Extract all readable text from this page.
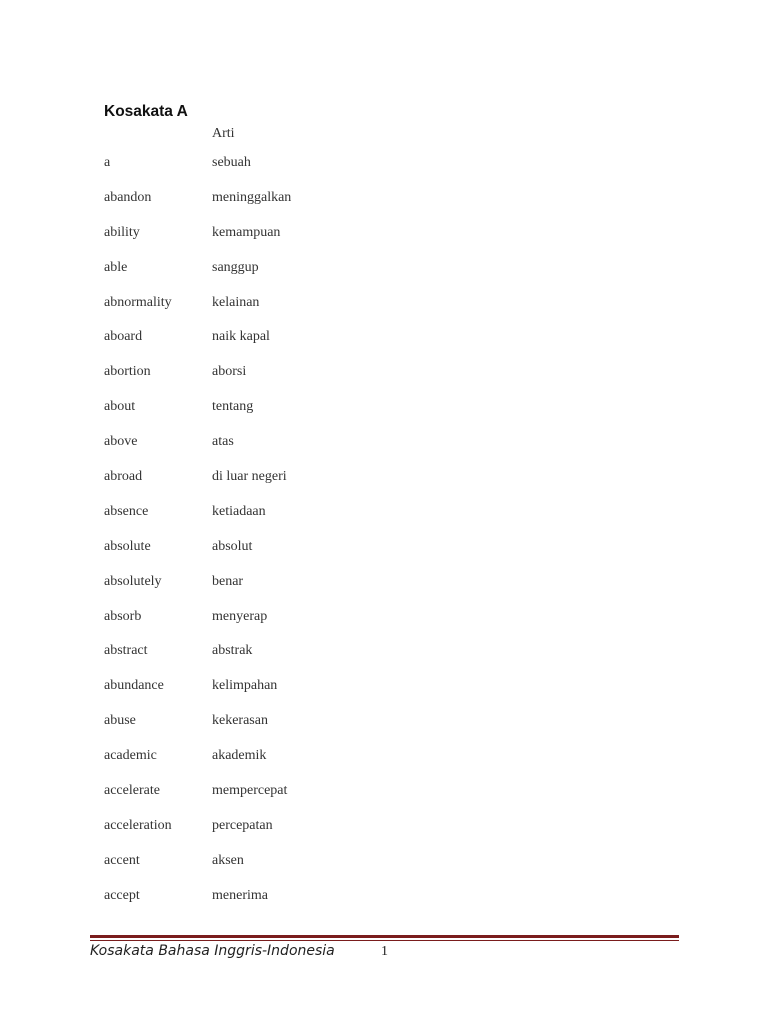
Kosakata A
Arti
a	sebuah
abandon	meninggalkan
ability	kemampuan
able	sanggup
abnormality	kelainan
aboard	naik kapal
abortion	aborsi
about	tentang
above	atas
abroad	di luar negeri
absence	ketiadaan
absolute	absolut
absolutely	benar
absorb	menyerap
abstract	abstrak
abundance	kelimpahan
abuse	kekerasan
academic	akademik
accelerate	mempercepat
acceleration	percepatan
accent	aksen
accept	menerima
Kosakata Bahasa Inggris-Indonesia	1
